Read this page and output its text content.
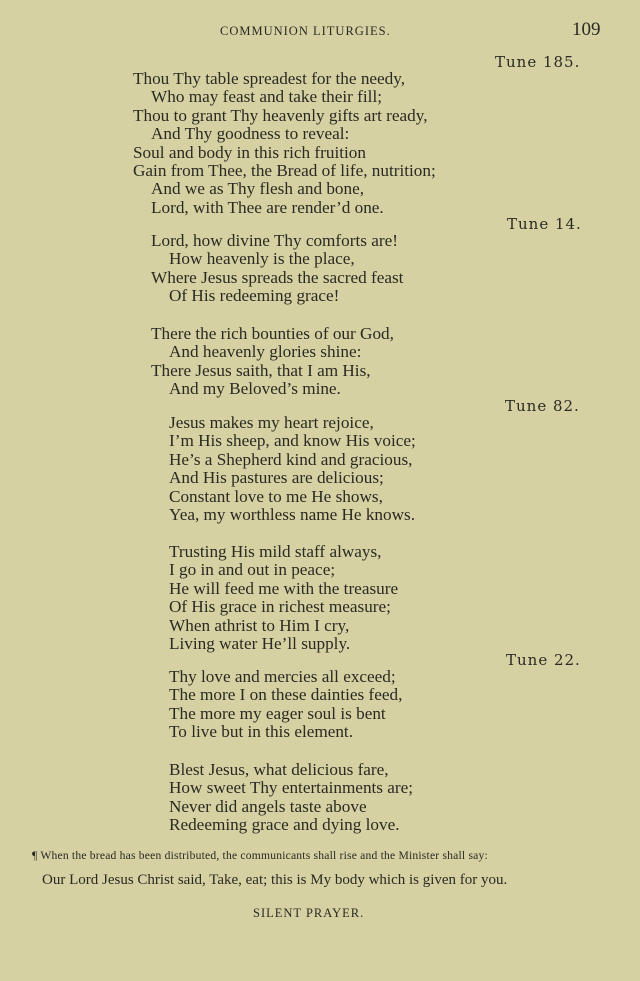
COMMUNION LITURGIES.	109
Tune 185.
Tune 14.
Tune 82.
Tune 22.
Thou Thy table spreadest for the needy,
Who may feast and take their fill;
Thou to grant Thy heavenly gifts art ready,
And Thy goodness to reveal:
Soul and body in this rich fruition
Gain from Thee, the Bread of life, nutrition;
And we as Thy flesh and bone,
Lord, with Thee are render’d one.
Lord, how divine Thy comforts are!
How heavenly is the place,
Where Jesus spreads the sacred feast
Of His redeeming grace!
There the rich bounties of our God,
And heavenly glories shine:
There Jesus saith, that I am His,
And my Beloved’s mine.
Jesus makes my heart rejoice,
I’m His sheep, and know His voice;
He’s a Shepherd kind and gracious,
And His pastures are delicious;
Constant love to me He shows,
Yea, my worthless name He knows.
Trusting His mild staff always,
I go in and out in peace;
He will feed me with the treasure
Of His grace in richest measure;
When athrist to Him I cry,
Living water He’ll supply.
Thy love and mercies all exceed;
The more I on these dainties feed,
The more my eager soul is bent
To live but in this element.
Blest Jesus, what delicious fare,
How sweet Thy entertainments are;
Never did angels taste above
Redeeming grace and dying love.
¶ When the bread has been distributed, the communicants shall rise and the Minister shall say:
Our Lord Jesus Christ said, Take, eat; this is My body which is given for you.
SILENT PRAYER.
